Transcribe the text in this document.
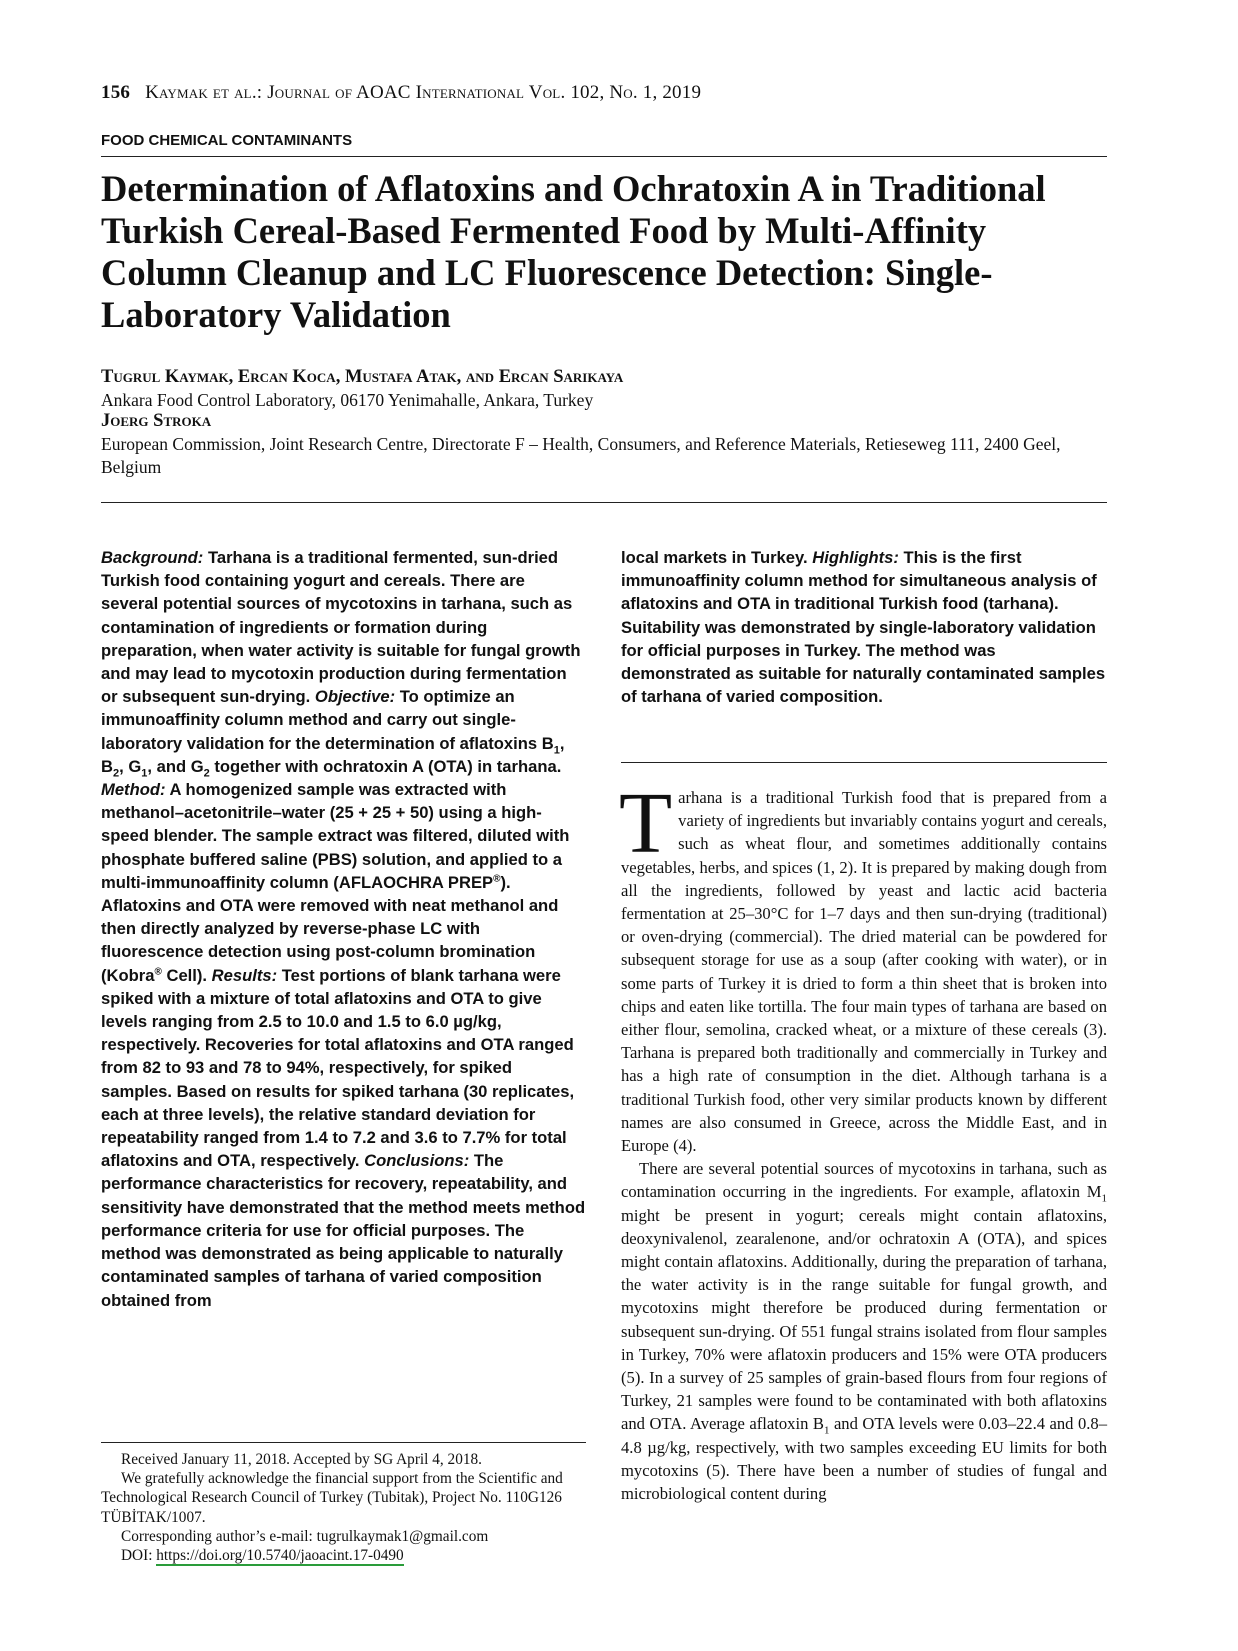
156 Kaymak et al.: Journal of AOAC International Vol. 102, No. 1, 2019
FOOD CHEMICAL CONTAMINANTS
Determination of Aflatoxins and Ochratoxin A in Traditional Turkish Cereal-Based Fermented Food by Multi-Affinity Column Cleanup and LC Fluorescence Detection: Single-Laboratory Validation
Tugrul Kaymak, Ercan Koca, Mustafa Atak, and Ercan Sarikaya
Ankara Food Control Laboratory, 06170 Yenimahalle, Ankara, Turkey
Joerg Stroka
European Commission, Joint Research Centre, Directorate F – Health, Consumers, and Reference Materials, Retieseweg 111, 2400 Geel, Belgium
Background: Tarhana is a traditional fermented, sun-dried Turkish food containing yogurt and cereals. There are several potential sources of mycotoxins in tarhana, such as contamination of ingredients or formation during preparation, when water activity is suitable for fungal growth and may lead to mycotoxin production during fermentation or subsequent sun-drying. Objective: To optimize an immunoaffinity column method and carry out single-laboratory validation for the determination of aflatoxins $B_1$, $B_2$, $G_1$, and $G_2$ together with ochratoxin A (OTA) in tarhana. Method: A homogenized sample was extracted with methanol–acetonitrile–water (25 + 25 + 50) using a high-speed blender. The sample extract was filtered, diluted with phosphate buffered saline (PBS) solution, and applied to a multi-immunoaffinity column (AFLAOCHRA PREP®). Aflatoxins and OTA were removed with neat methanol and then directly analyzed by reverse-phase LC with fluorescence detection using post-column bromination (Kobra® Cell). Results: Test portions of blank tarhana were spiked with a mixture of total aflatoxins and OTA to give levels ranging from 2.5 to 10.0 and 1.5 to 6.0 µg/kg, respectively. Recoveries for total aflatoxins and OTA ranged from 82 to 93 and 78 to 94%, respectively, for spiked samples. Based on results for spiked tarhana (30 replicates, each at three levels), the relative standard deviation for repeatability ranged from 1.4 to 7.2 and 3.6 to 7.7% for total aflatoxins and OTA, respectively. Conclusions: The performance characteristics for recovery, repeatability, and sensitivity have demonstrated that the method meets method performance criteria for use for official purposes. The method was demonstrated as being applicable to naturally contaminated samples of tarhana of varied composition obtained from
local markets in Turkey. Highlights: This is the first immunoaffinity column method for simultaneous analysis of aflatoxins and OTA in traditional Turkish food (tarhana). Suitability was demonstrated by single-laboratory validation for official purposes in Turkey. The method was demonstrated as suitable for naturally contaminated samples of tarhana of varied composition.

Tarhana is a traditional Turkish food that is prepared from a variety of ingredients but invariably contains yogurt and cereals, such as wheat flour, and sometimes additionally contains vegetables, herbs, and spices (1, 2). It is prepared by making dough from all the ingredients, followed by yeast and lactic acid bacteria fermentation at 25–30°C for 1–7 days and then sun-drying (traditional) or oven-drying (commercial). The dried material can be powdered for subsequent storage for use as a soup (after cooking with water), or in some parts of Turkey it is dried to form a thin sheet that is broken into chips and eaten like tortilla. The four main types of tarhana are based on either flour, semolina, cracked wheat, or a mixture of these cereals (3). Tarhana is prepared both traditionally and commercially in Turkey and has a high rate of consumption in the diet. Although tarhana is a traditional Turkish food, other very similar products known by different names are also consumed in Greece, across the Middle East, and in Europe (4).

There are several potential sources of mycotoxins in tarhana, such as contamination occurring in the ingredients. For example, aflatoxin $M_1$ might be present in yogurt; cereals might contain aflatoxins, deoxynivalenol, zearalenone, and/or ochratoxin A (OTA), and spices might contain aflatoxins. Additionally, during the preparation of tarhana, the water activity is in the range suitable for fungal growth, and mycotoxins might therefore be produced during fermentation or subsequent sun-drying. Of 551 fungal strains isolated from flour samples in Turkey, 70% were aflatoxin producers and 15% were OTA producers (5). In a survey of 25 samples of grain-based flours from four regions of Turkey, 21 samples were found to be contaminated with both aflatoxins and OTA. Average aflatoxin $B_1$ and OTA levels were 0.03–22.4 and 0.8–4.8 µg/kg, respectively, with two samples exceeding EU limits for both mycotoxins (5). There have been a number of studies of fungal and microbiological content during

Received January 11, 2018. Accepted by SG April 4, 2018.

We gratefully acknowledge the financial support from the Scientific and Technological Research Council of Turkey (Tubitak), Project No. 110G126 TÜBİTAK/1007.

Corresponding author’s e-mail: tugrulkaymak1@gmail.com

DOI: https://doi.org/10.5740/jaoacint.17-0490
